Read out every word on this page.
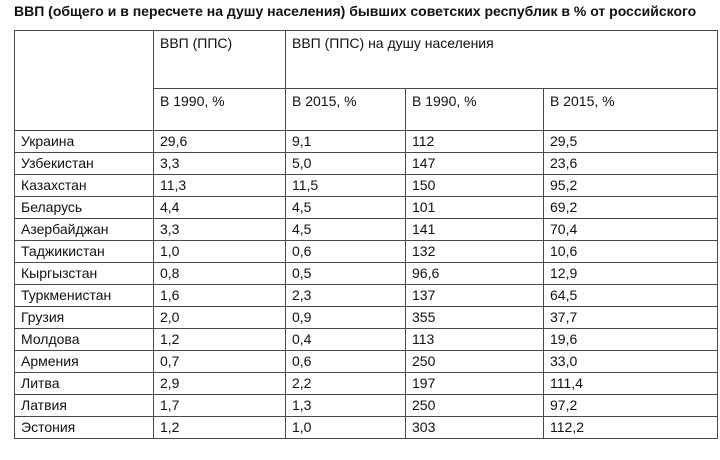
ВВП (общего и в пересчете на душу населения) бывших советских республик в % от российского
	ВВП (ППС)	ВВП (ППС) на душу населения		
	В 1990, %	В 2015, %	В 1990, %	В 2015, %
Украина	29,6	9,1	112	29,5
Узбекистан	3,3	5,0	147	23,6
Казахстан	11,3	11,5	150	95,2
Беларусь	4,4	4,5	101	69,2
Азербайджан	3,3	4,5	141	70,4
Таджикистан	1,0	0,6	132	10,6
Кыргызстан	0,8	0,5	96,6	12,9
Туркменистан	1,6	2,3	137	64,5
Грузия	2,0	0,9	355	37,7
Молдова	1,2	0,4	113	19,6
Армения	0,7	0,6	250	33,0
Литва	2,9	2,2	197	111,4
Латвия	1,7	1,3	250	97,2
Эстония	1,2	1,0	303	112,2
